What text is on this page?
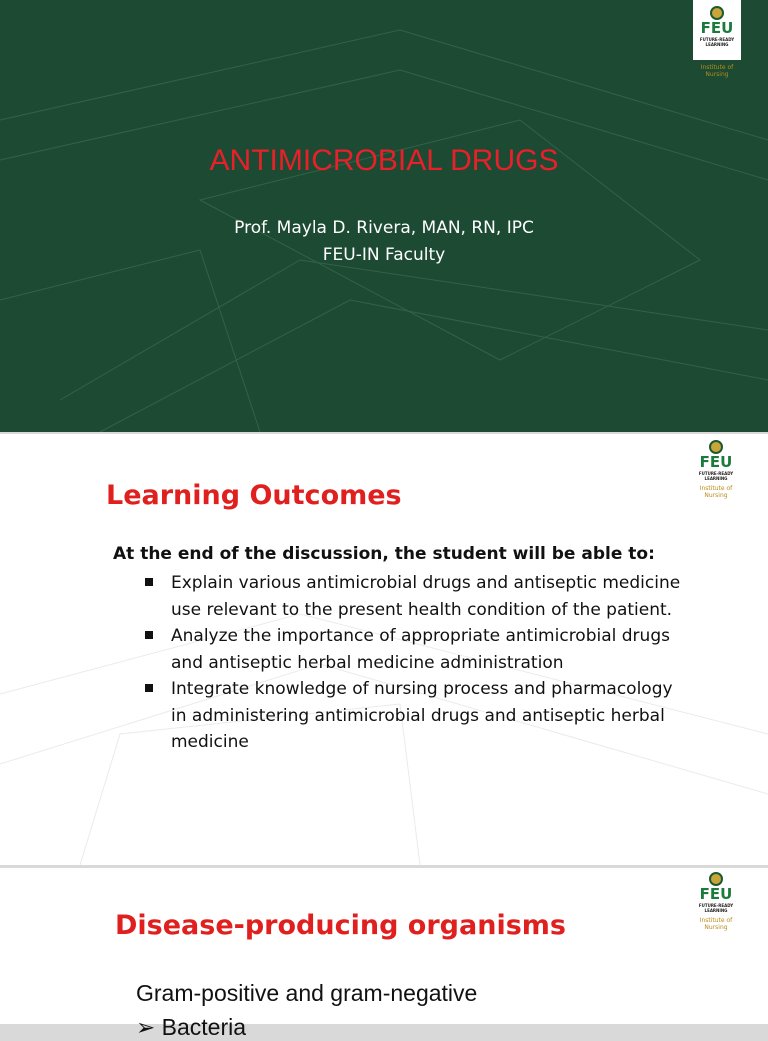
FEU
FUTURE-READY LEARNING
Institute of Nursing
ANTIMICROBIAL DRUGS
Prof. Mayla D. Rivera, MAN, RN, IPC
FEU-IN Faculty
FEU
FUTURE-READY LEARNING
Institute of Nursing
Learning Outcomes
At the end of the discussion, the student will be able to:
Explain various antimicrobial drugs and antiseptic medicine use relevant to the present health condition of the patient.
Analyze the importance of appropriate antimicrobial drugs and antiseptic herbal medicine administration
Integrate knowledge of nursing process and pharmacology in administering antimicrobial drugs and antiseptic herbal medicine
FEU
FUTURE-READY LEARNING
Institute of Nursing
Disease-producing organisms
Gram-positive and gram-negative
➢ Bacteria
